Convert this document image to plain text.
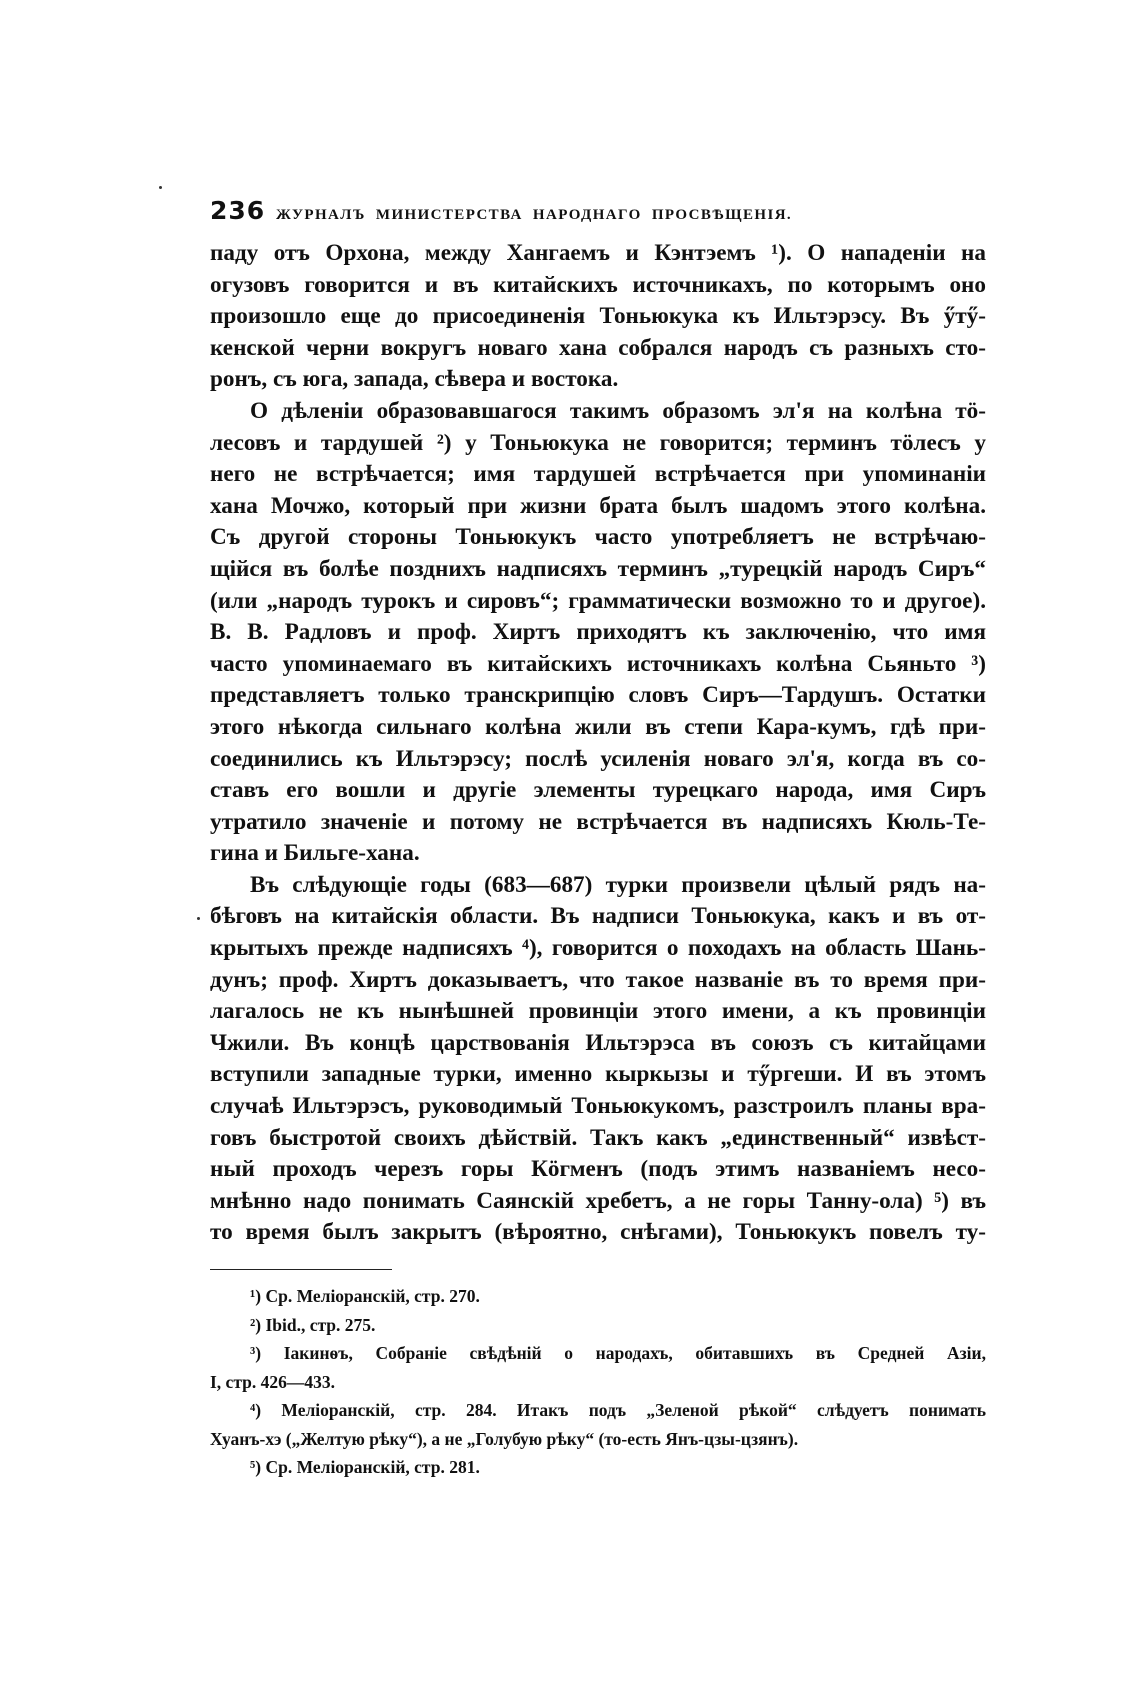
236 ЖУРНАЛЪ МИНИСТЕРСТВА НАРОДНАГО ПРОСВѢЩЕНІЯ.

паду отъ Орхона, между Хангаемъ и Кэнтэемъ ¹). О нападеніи на
огузовъ говорится и въ китайскихъ источникахъ, по которымъ оно
произошло еще до присоединенія Тоньюкука къ Ильтэрэсу. Въ ӳтӳ-
кенской черни вокругъ новаго хана собрался народъ съ разныхъ сто-
ронъ, съ юга, запада, сѣвера и востока.

О дѣленіи образовавшагося такимъ образомъ эл'я на колѣна тӧ-
лесовъ и тардушей ²) у Тоньюкука не говорится; терминъ тӧлесъ у
него не встрѣчается; имя тардушей встрѣчается при упоминаніи
хана Мочжо, который при жизни брата былъ шадомъ этого колѣна.
Съ другой стороны Тоньюкукъ часто употребляетъ не встрѣчаю-
щійся въ болѣе позднихъ надписяхъ терминъ „турецкій народъ Сиръ“
(или „народъ турокъ и сировъ“; грамматически возможно то и другое).
В. В. Радловъ и проф. Хиртъ приходятъ къ заключенію, что имя
часто упоминаемаго въ китайскихъ источникахъ колѣна Сьяньто ³)
представляетъ только транскрипцію словъ Сиръ—Тардушъ. Остатки
этого нѣкогда сильнаго колѣна жили въ степи Кара-кумъ, гдѣ при-
соединились къ Ильтэрэсу; послѣ усиленія новаго эл'я, когда въ со-
ставъ его вошли и другіе элементы турецкаго народа, имя Сиръ
утратило значеніе и потому не встрѣчается въ надписяхъ Кюль-Те-
гина и Бильге-хана.

Въ слѣдующіе годы (683—687) турки произвели цѣлый рядъ на-
бѣговъ на китайскія области. Въ надписи Тоньюкука, какъ и въ от-
крытыхъ прежде надписяхъ ⁴), говорится о походахъ на область Шань-
дунъ; проф. Хиртъ доказываетъ, что такое названіе въ то время при-
лагалось не къ нынѣшней провинціи этого имени, а къ провинціи
Чжили. Въ концѣ царствованія Ильтэрэса въ союзъ съ китайцами
вступили западные турки, именно кыркызы и тӳргеши. И въ этомъ
случаѣ Ильтэрэсъ, руководимый Тоньюкукомъ, разстроилъ планы вра-
говъ быстротой своихъ дѣйствій. Такъ какъ „единственный“ извѣст-
ный проходъ черезъ горы Кӧгменъ (подъ этимъ названіемъ несо-
мнѣнно надо понимать Саянскій хребетъ, а не горы Танну-ола) ⁵) въ
то время былъ закрытъ (вѣроятно, снѣгами), Тоньюкукъ повелъ ту-

¹) Ср. Меліоранскій, стр. 270.
²) Ibid., стр. 275.
³) Іакинѳъ, Собраніе свѣдѣній о народахъ, обитавшихъ въ Средней Азіи,
I, стр. 426—433.
⁴) Меліоранскій, стр. 284. Итакъ подъ „Зеленой рѣкой“ слѣдуетъ понимать
Хуанъ-хэ („Желтую рѣку“), а не „Голубую рѣку“ (то-есть Янъ-цзы-цзянъ).
⁵) Ср. Меліоранскій, стр. 281.
